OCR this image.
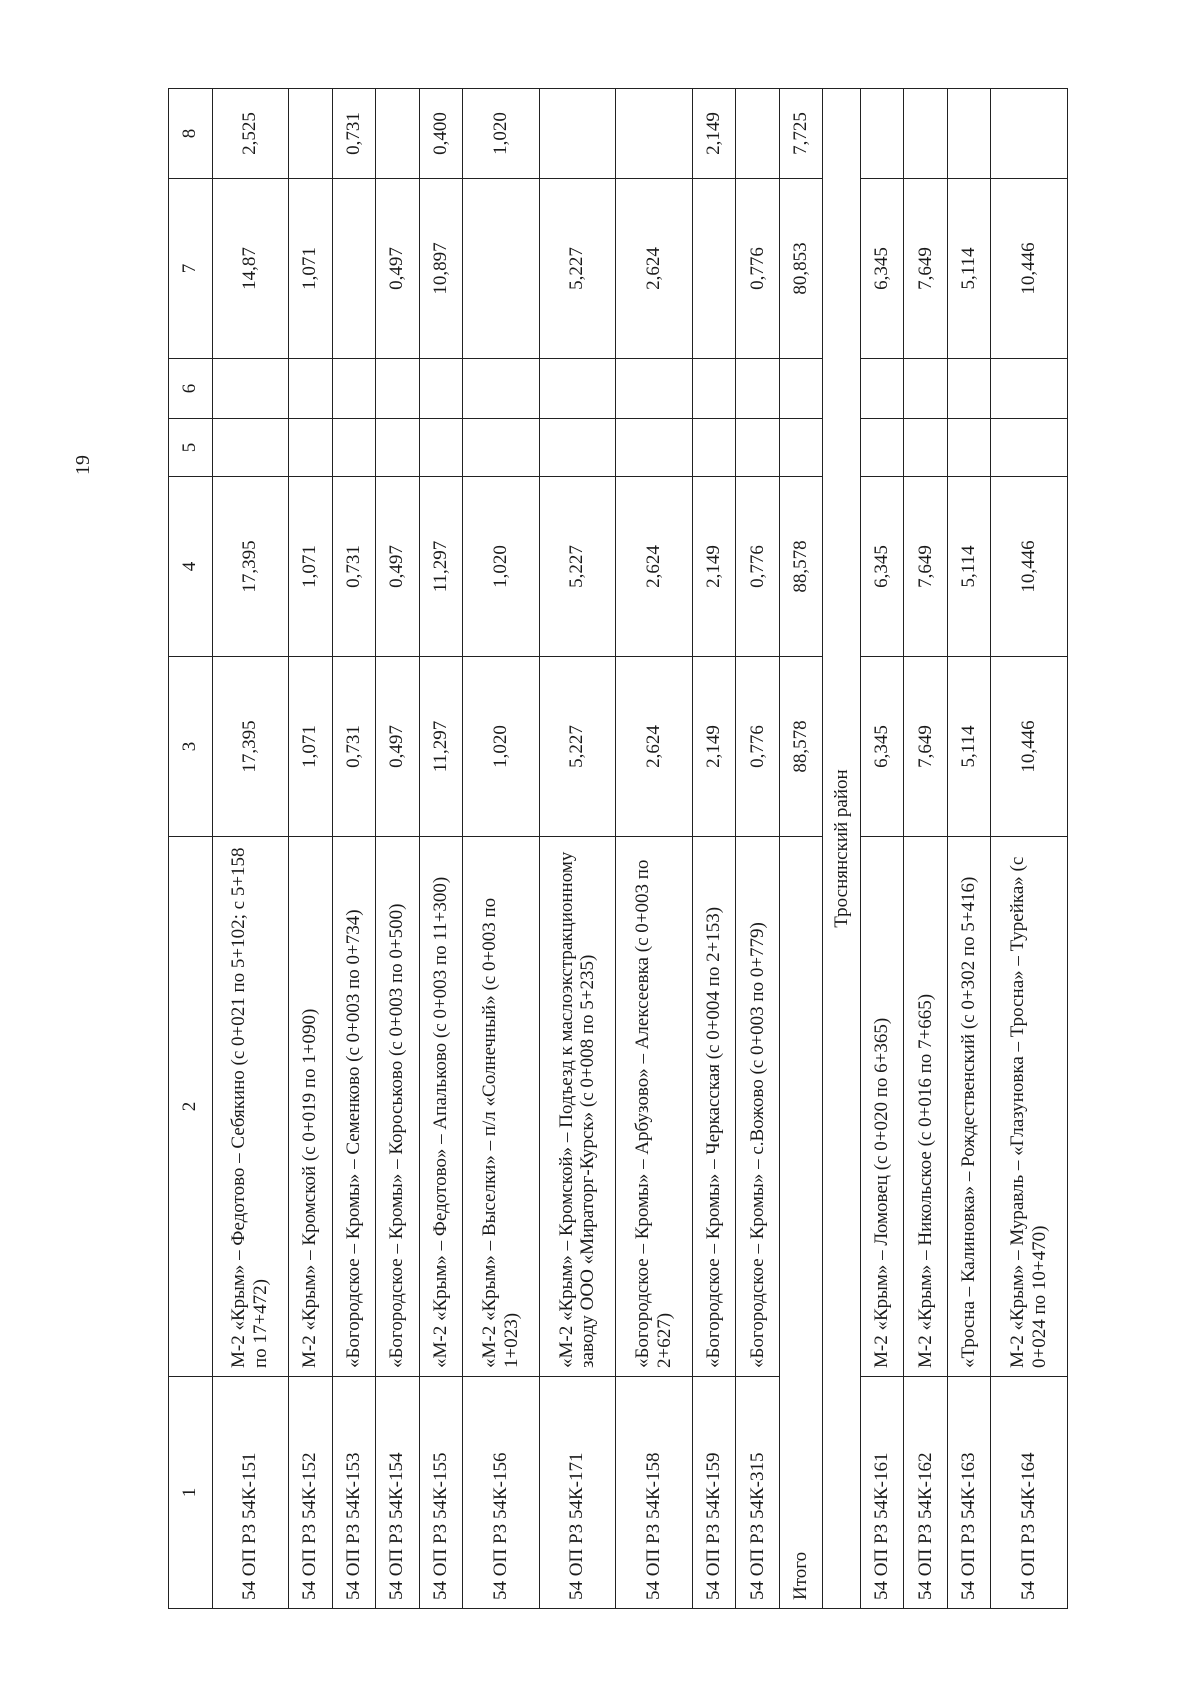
19
1	2	3	4	5	6	7	8
54 ОП РЗ 54К-151	М-2 «Крым» – Федотово – Себякино (с 0+021 по 5+102; с 5+158 по 17+472)	17,395	17,395			14,87	2,525
54 ОП РЗ 54К-152	М-2 «Крым» – Кромской (с 0+019 по 1+090)	1,071	1,071			1,071	
54 ОП РЗ 54К-153	«Богородское – Кромы» – Семенково (с 0+003 по 0+734)	0,731	0,731				0,731
54 ОП РЗ 54К-154	«Богородское – Кромы» – Короськово (с 0+003 по 0+500)	0,497	0,497			0,497	
54 ОП РЗ 54К-155	«М-2 «Крым» – Федотово» – Апальково (с 0+003 по 11+300)	11,297	11,297			10,897	0,400
54 ОП РЗ 54К-156	«М-2 «Крым» – Выселки» – п/л «Солнечный» (с 0+003 по 1+023)	1,020	1,020				1,020
54 ОП РЗ 54К-171	«М-2 «Крым» – Кромской» – Подъезд к маслоэкстракционному заводу ООО «Мираторг-Курск» (с 0+008 по 5+235)	5,227	5,227			5,227	
54 ОП РЗ 54К-158	«Богородское – Кромы» – Арбузово» – Алексеевка (с 0+003 по 2+627)	2,624	2,624			2,624	
54 ОП РЗ 54К-159	«Богородское – Кромы» – Черкасская (с 0+004 по 2+153)	2,149	2,149				2,149
54 ОП РЗ 54К-315	«Богородское – Кромы» – с.Вожово (с 0+003 по 0+779)	0,776	0,776			0,776	
Итого		88,578	88,578			80,853	7,725
Троснянский район							
54 ОП РЗ 54К-161	М-2 «Крым» – Ломовец (с 0+020 по 6+365)	6,345	6,345			6,345	
54 ОП РЗ 54К-162	М-2 «Крым» – Никольское (с 0+016 по 7+665)	7,649	7,649			7,649	
54 ОП РЗ 54К-163	«Тросна – Калиновка» – Рождественский (с 0+302 по 5+416)	5,114	5,114			5,114	
54 ОП РЗ 54К-164	М-2 «Крым» – Муравль – «Глазуновка – Тросна» – Турейка» (с 0+024 по 10+470)	10,446	10,446			10,446	
